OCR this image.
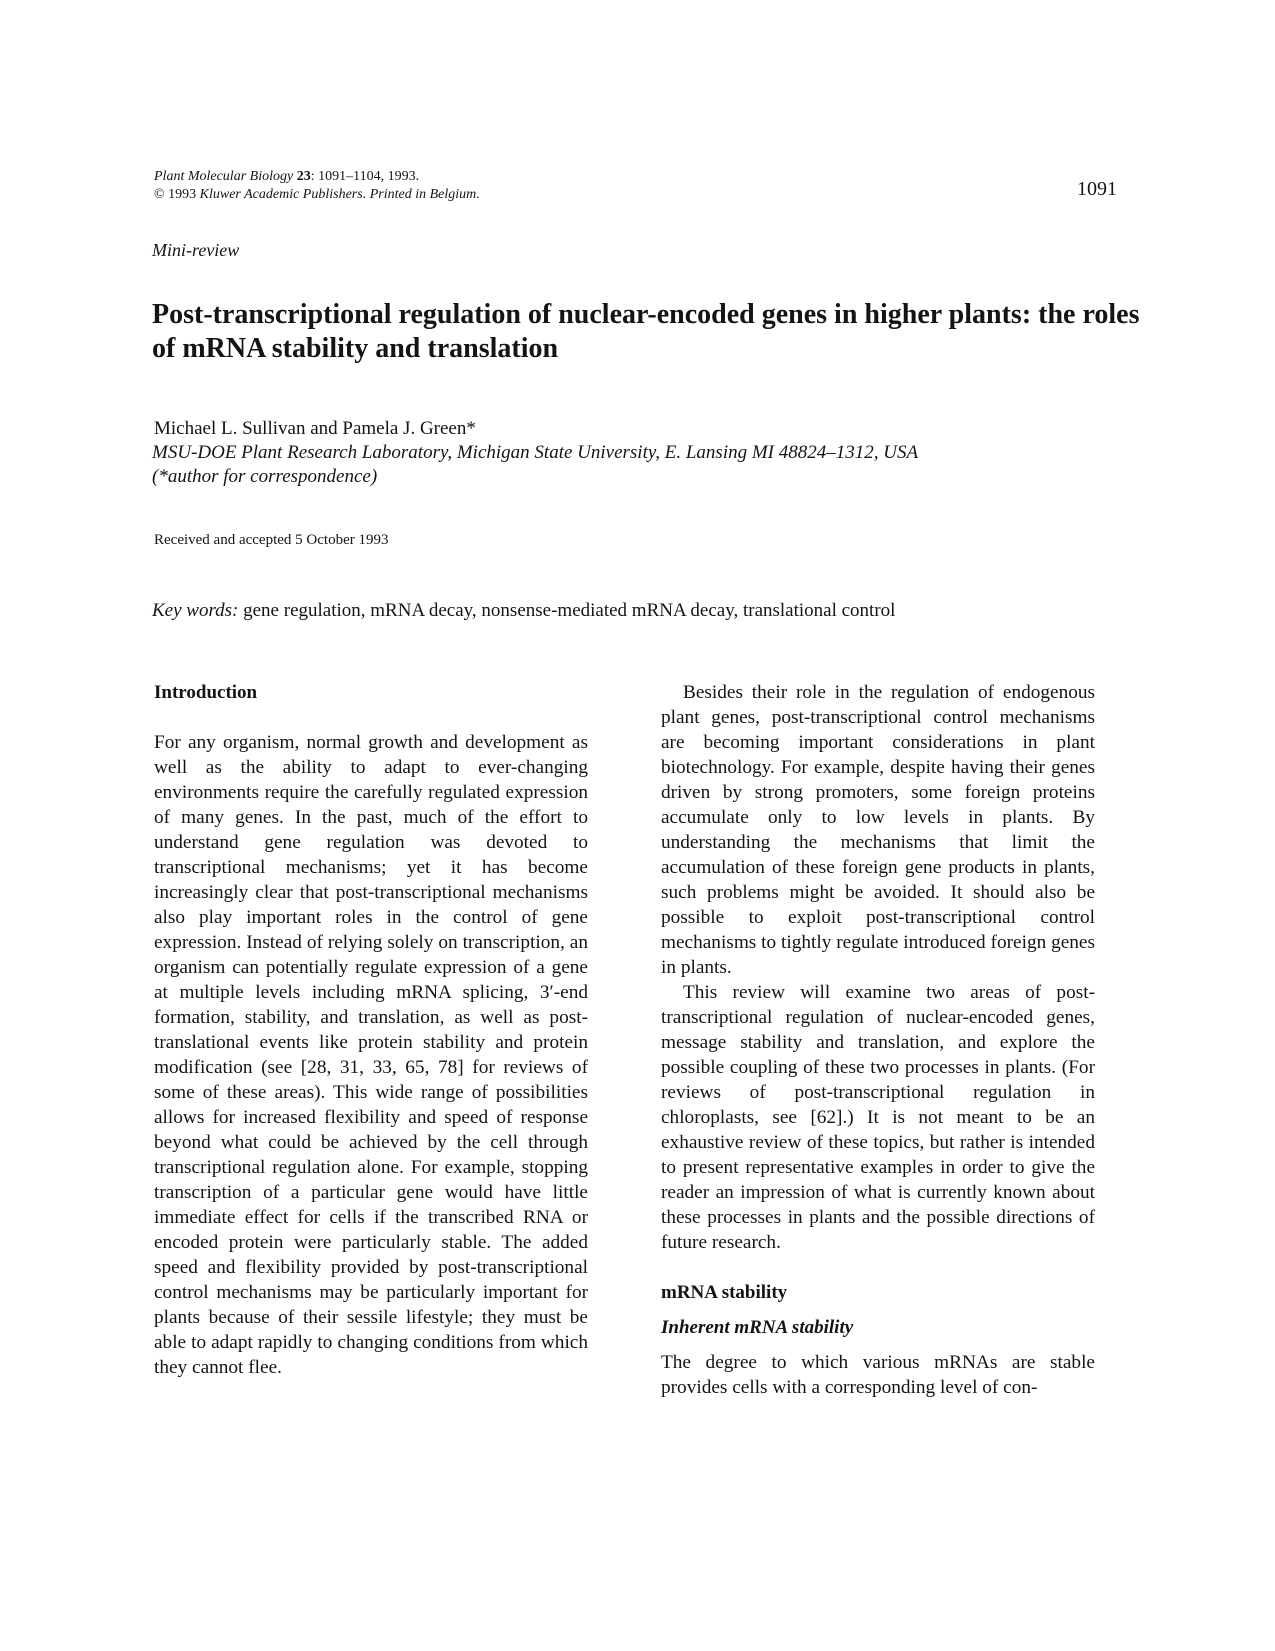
Plant Molecular Biology 23: 1091–1104, 1993.
© 1993 Kluwer Academic Publishers. Printed in Belgium.	1091
Mini-review
Post-transcriptional regulation of nuclear-encoded genes in higher plants: the roles of mRNA stability and translation
Michael L. Sullivan and Pamela J. Green*
MSU-DOE Plant Research Laboratory, Michigan State University, E. Lansing MI 48824–1312, USA
(*author for correspondence)
Received and accepted 5 October 1993
Key words: gene regulation, mRNA decay, nonsense-mediated mRNA decay, translational control
Introduction

For any organism, normal growth and development as well as the ability to adapt to ever-changing environments require the carefully regulated expression of many genes. In the past, much of the effort to understand gene regulation was devoted to transcriptional mechanisms; yet it has become increasingly clear that post-transcriptional mechanisms also play important roles in the control of gene expression. Instead of relying solely on transcription, an organism can potentially regulate expression of a gene at multiple levels including mRNA splicing, 3′-end formation, stability, and translation, as well as post-translational events like protein stability and protein modification (see [28, 31, 33, 65, 78] for reviews of some of these areas). This wide range of possibilities allows for increased flexibility and speed of response beyond what could be achieved by the cell through transcriptional regulation alone. For example, stopping transcription of a particular gene would have little immediate effect for cells if the transcribed RNA or encoded protein were particularly stable. The added speed and flexibility provided by post-transcriptional control mechanisms may be particularly important for plants because of their sessile lifestyle; they must be able to adapt rapidly to changing conditions from which they cannot flee.

Besides their role in the regulation of endogenous plant genes, post-transcriptional control mechanisms are becoming important considerations in plant biotechnology. For example, despite having their genes driven by strong promoters, some foreign proteins accumulate only to low levels in plants. By understanding the mechanisms that limit the accumulation of these foreign gene products in plants, such problems might be avoided. It should also be possible to exploit post-transcriptional control mechanisms to tightly regulate introduced foreign genes in plants.

This review will examine two areas of post-transcriptional regulation of nuclear-encoded genes, message stability and translation, and explore the possible coupling of these two processes in plants. (For reviews of post-transcriptional regulation in chloroplasts, see [62].) It is not meant to be an exhaustive review of these topics, but rather is intended to present representative examples in order to give the reader an impression of what is currently known about these processes in plants and the possible directions of future research.

mRNA stability
Inherent mRNA stability

The degree to which various mRNAs are stable provides cells with a corresponding level of con-
